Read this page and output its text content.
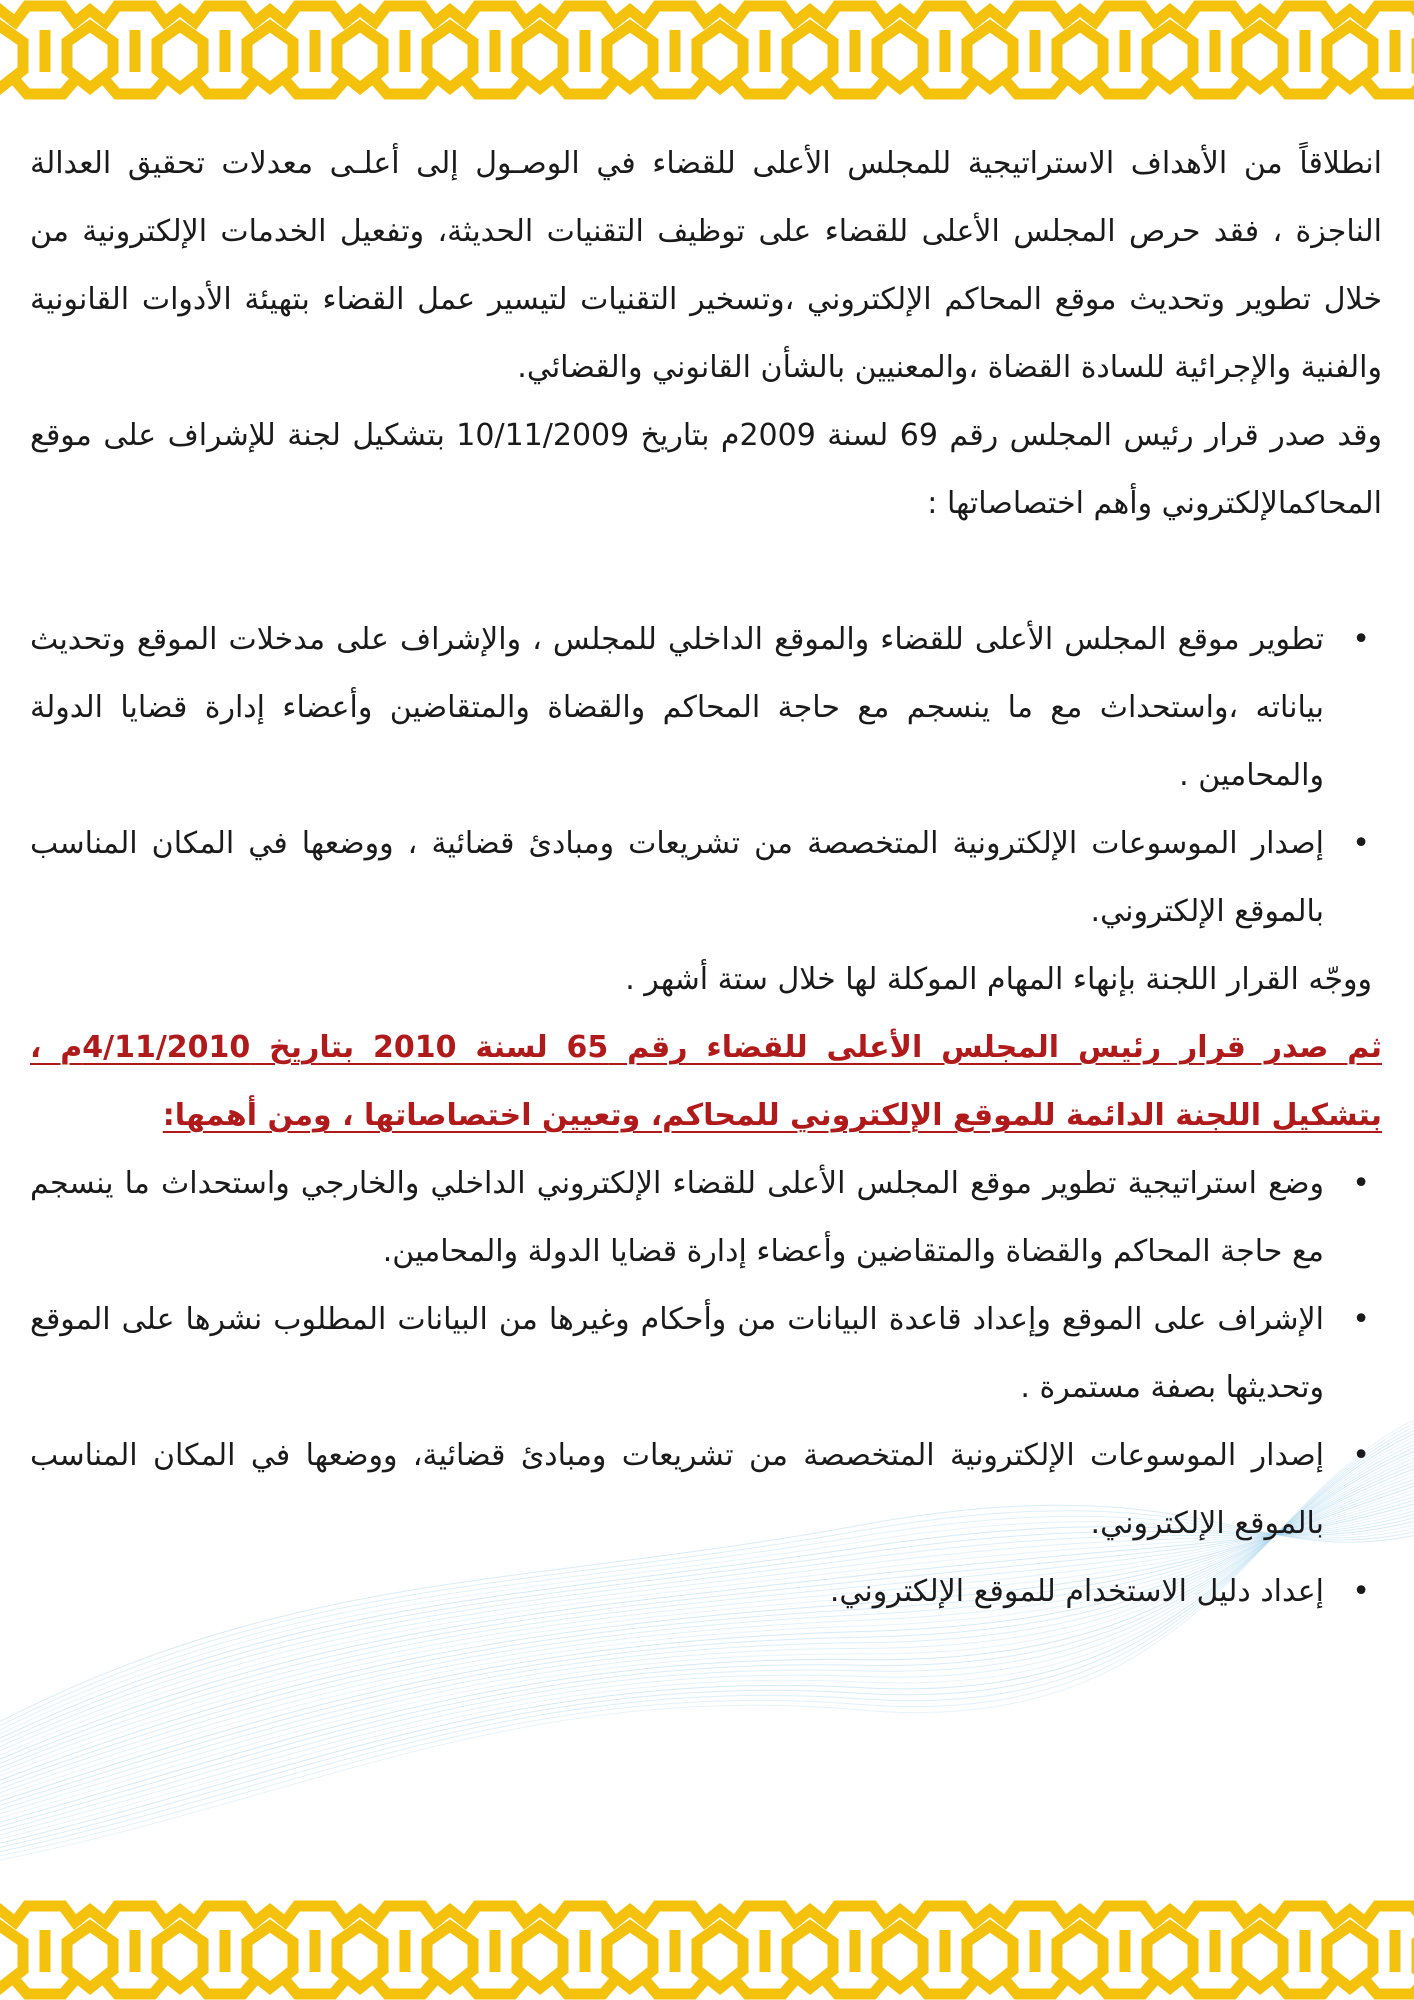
انطلاقاً من الأهداف الاستراتيجية للمجلس الأعلى للقضاء في الوصـول إلى أعلـى معدلات تحقيق العدالة الناجزة ، فقد حرص المجلس الأعلى للقضاء على توظيف التقنيات الحديثة، وتفعيل الخدمات الإلكترونية من خلال تطوير وتحديث موقع المحاكم الإلكتروني ،وتسخير التقنيات لتيسير عمل القضاء بتهيئة الأدوات القانونية والفنية والإجرائية للسادة القضاة ،والمعنيين بالشأن القانوني والقضائي.

وقد صدر قرار رئيس المجلس رقم 69 لسنة 2009م بتاريخ 10/11/2009 بتشكيل لجنة للإشراف على موقع المحاكمالإلكتروني وأهم اختصاصاتها :

•
تطوير موقع المجلس الأعلى للقضاء والموقع الداخلي للمجلس ، والإشراف على مدخلات الموقع وتحديث بياناته ،واستحداث مع ما ينسجم مع حاجة المحاكم والقضاة والمتقاضين وأعضاء إدارة قضايا الدولة والمحامين .
•
إصدار الموسوعات الإلكترونية المتخصصة من تشريعات ومبادئ قضائية ، ووضعها في المكان المناسب بالموقع الإلكتروني.

ووجّه القرار اللجنة بإنهاء المهام الموكلة لها خلال ستة أشهر .

ثم صدر قرار رئيس المجلس الأعلى للقضاء رقم 65 لسنة 2010 بتاريخ 4/11/2010م ، بتشكيل اللجنة الدائمة للموقع الإلكتروني للمحاكم، وتعيين اختصاصاتها ، ومن أهمها:

•
وضع استراتيجية تطوير موقع المجلس الأعلى للقضاء الإلكتروني الداخلي والخارجي واستحداث ما ينسجم مع حاجة المحاكم والقضاة والمتقاضين وأعضاء إدارة قضايا الدولة والمحامين.
•
الإشراف على الموقع وإعداد قاعدة البيانات من وأحكام وغيرها من البيانات المطلوب نشرها على الموقع وتحديثها بصفة مستمرة .
•
إصدار الموسوعات الإلكترونية المتخصصة من تشريعات ومبادئ قضائية، ووضعها في المكان المناسب بالموقع الإلكتروني.
•
إعداد دليل الاستخدام للموقع الإلكتروني.
